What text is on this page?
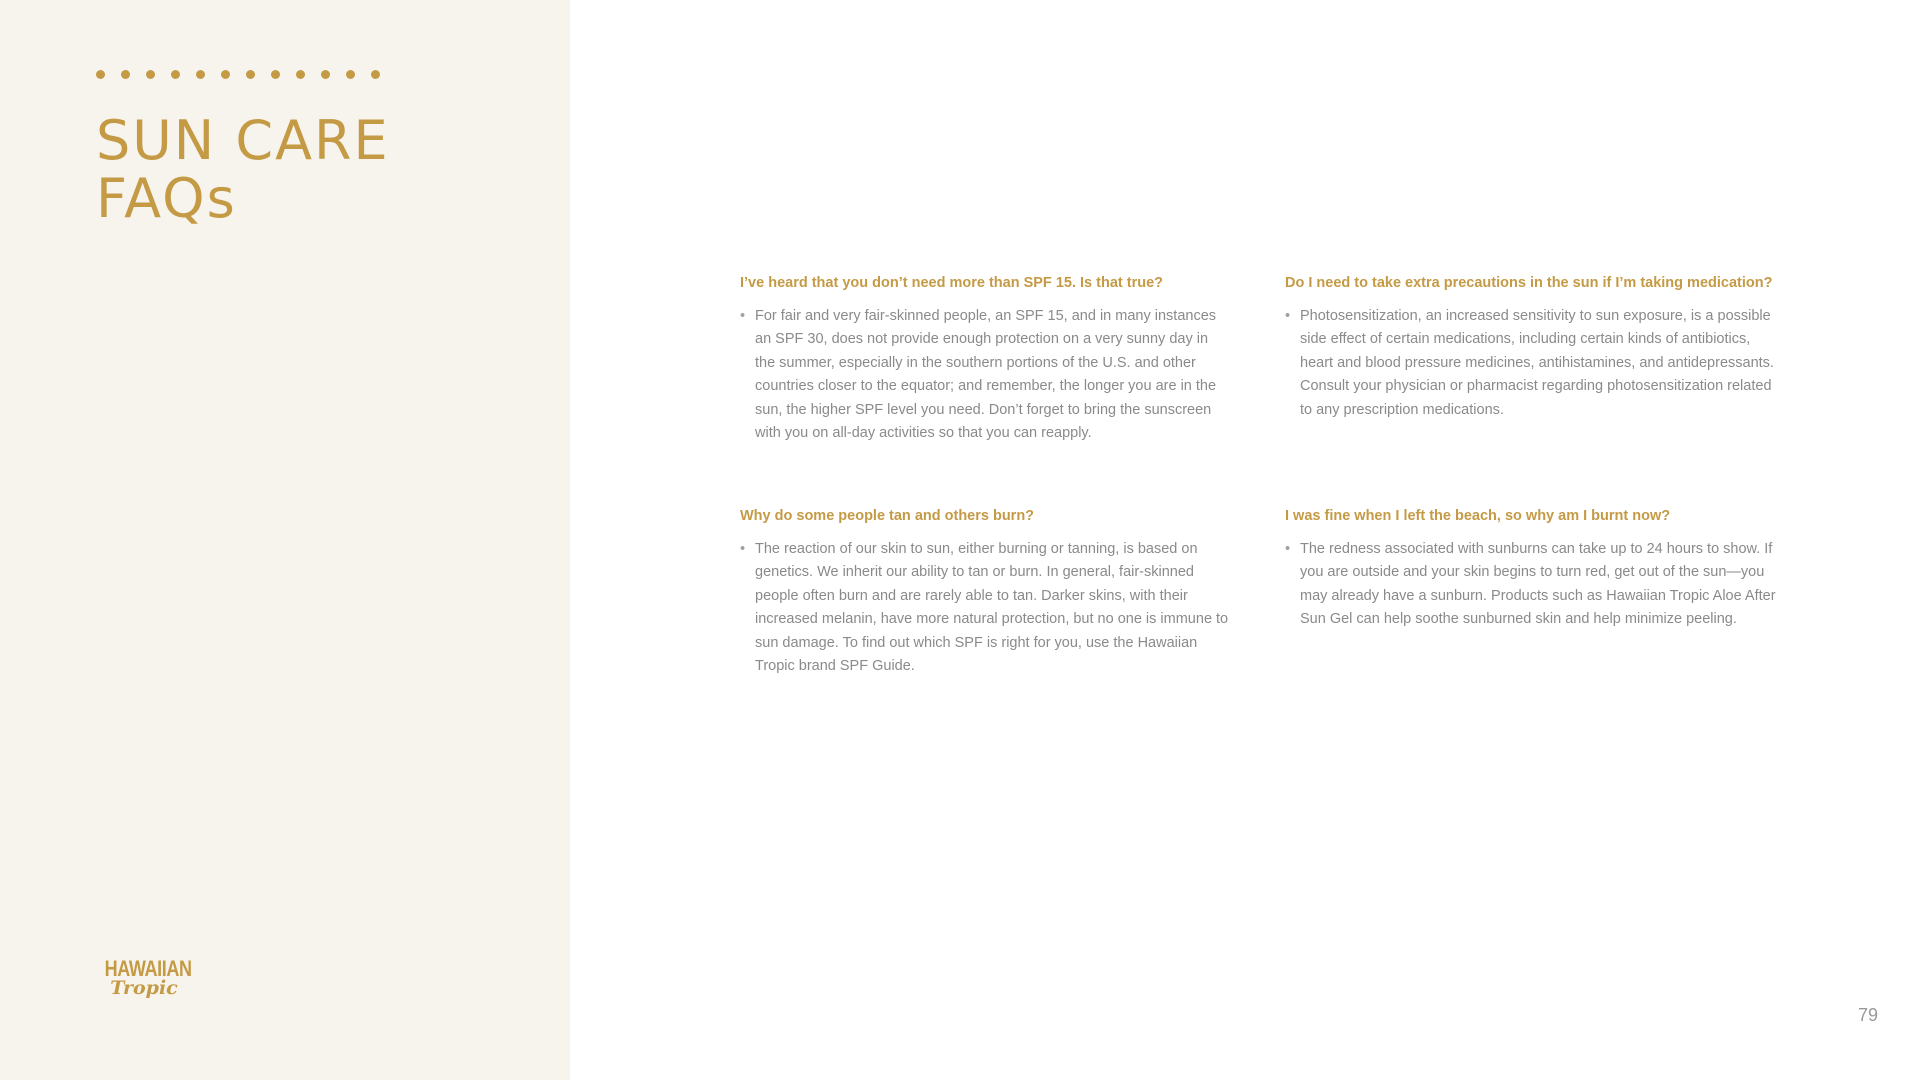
SUN CARE
FAQs
HAWAIIAN
Tropic
I’ve heard that you don’t need more than SPF 15. Is that true?
• For fair and very fair-skinned people, an SPF 15, and in many instances an SPF 30, does not provide enough protection on a very sunny day in the summer, especially in the southern portions of the U.S. and other countries closer to the equator; and remember, the longer you are in the sun, the higher SPF level you need. Don’t forget to bring the sunscreen with you on all-day activities so that you can reapply.
Do I need to take extra precautions in the sun if I’m taking medication?
• Photosensitization, an increased sensitivity to sun exposure, is a possible side effect of certain medications, including certain kinds of antibiotics, heart and blood pressure medicines, antihistamines, and antidepressants. Consult your physician or pharmacist regarding photosensitization related to any prescription medications.
Why do some people tan and others burn?
• The reaction of our skin to sun, either burning or tanning, is based on genetics. We inherit our ability to tan or burn. In general, fair-skinned people often burn and are rarely able to tan. Darker skins, with their increased melanin, have more natural protection, but no one is immune to sun damage. To find out which SPF is right for you, use the Hawaiian Tropic brand SPF Guide.
I was fine when I left the beach, so why am I burnt now?
• The redness associated with sunburns can take up to 24 hours to show. If you are outside and your skin begins to turn red, get out of the sun—you may already have a sunburn. Products such as Hawaiian Tropic Aloe After Sun Gel can help soothe sunburned skin and help minimize peeling.
79
